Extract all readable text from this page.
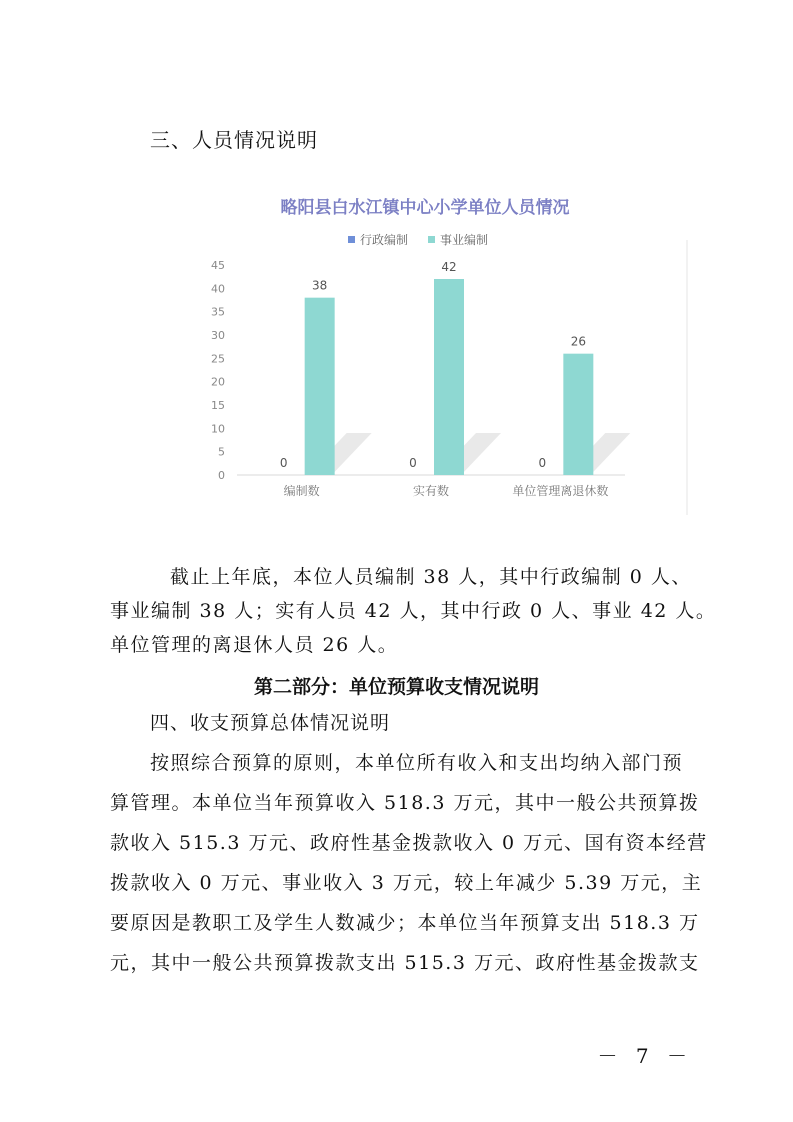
三、人员情况说明
略阳县白水江镇中心小学单位人员情况
行政编制	事业编制
0
5
10
15
20
25
30
35
40
45
0
38
0
42
0
26
编制数	实有数	单位管理离退休数
截止上年底，本位人员编制 38 人，其中行政编制 0 人、
事业编制 38 人；实有人员 42 人，其中行政 0 人、事业 42 人。
单位管理的离退休人员 26 人。
第二部分：单位预算收支情况说明
四、收支预算总体情况说明
按照综合预算的原则，本单位所有收入和支出均纳入部门预
算管理。本单位当年预算收入 518.3 万元，其中一般公共预算拨
款收入 515.3 万元、政府性基金拨款收入 0 万元、国有资本经营
拨款收入 0 万元、事业收入 3 万元，较上年减少 5.39 万元，主
要原因是教职工及学生人数减少；本单位当年预算支出 518.3 万
元，其中一般公共预算拨款支出 515.3 万元、政府性基金拨款支
－ 7 －
